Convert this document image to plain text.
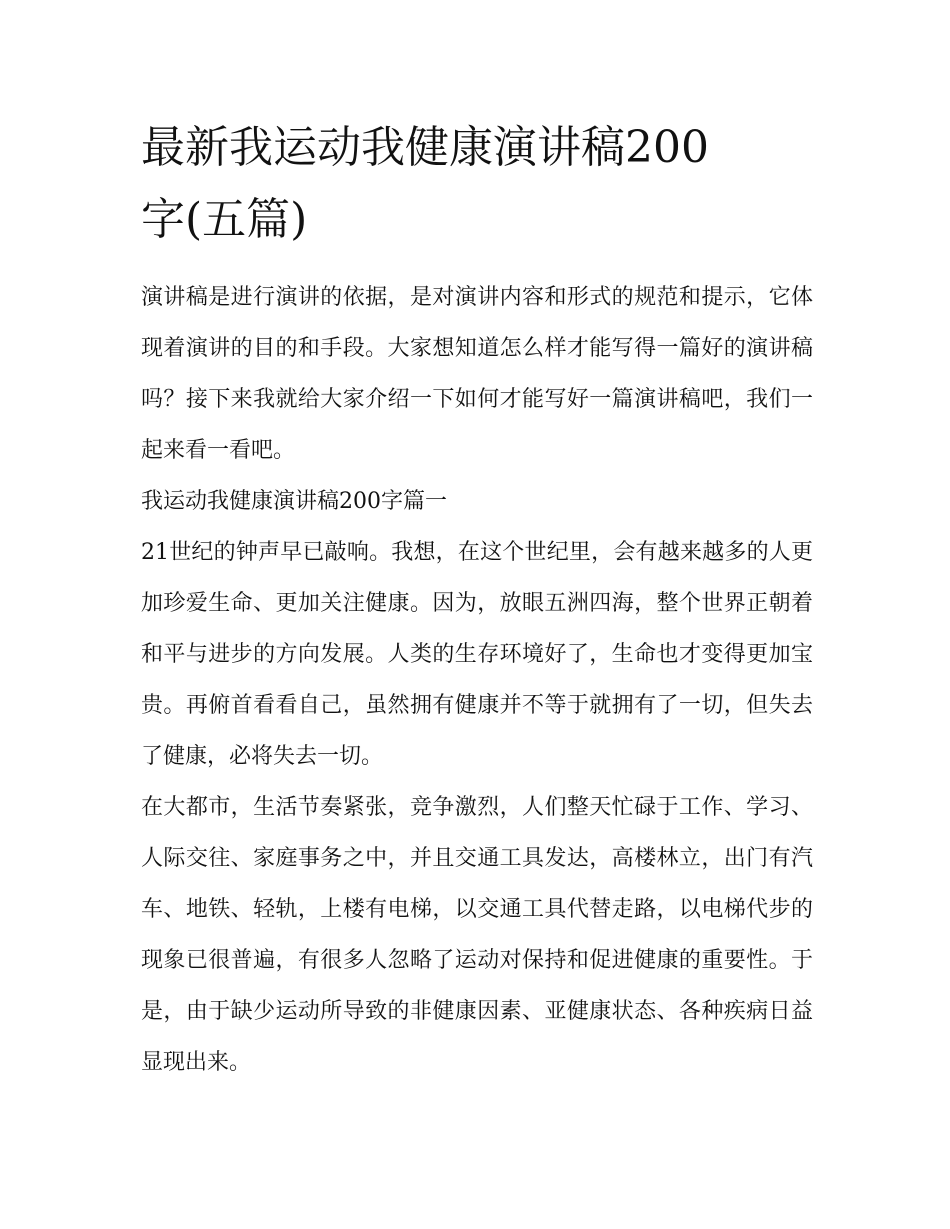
最新我运动我健康演讲稿200
字(五篇)

演讲稿是进行演讲的依据，是对演讲内容和形式的规范和提示，它体现着演讲的目的和手段。大家想知道怎么样才能写得一篇好的演讲稿吗？接下来我就给大家介绍一下如何才能写好一篇演讲稿吧，我们一起来看一看吧。

我运动我健康演讲稿200字篇一

21世纪的钟声早已敲响。我想，在这个世纪里，会有越来越多的人更加珍爱生命、更加关注健康。因为，放眼五洲四海，整个世界正朝着和平与进步的方向发展。人类的生存环境好了，生命也才变得更加宝贵。再俯首看看自己，虽然拥有健康并不等于就拥有了一切，但失去了健康，必将失去一切。

在大都市，生活节奏紧张，竞争激烈，人们整天忙碌于工作、学习、人际交往、家庭事务之中，并且交通工具发达，高楼林立，出门有汽车、地铁、轻轨，上楼有电梯，以交通工具代替走路，以电梯代步的现象已很普遍，有很多人忽略了运动对保持和促进健康的重要性。于是，由于缺少运动所导致的非健康因素、亚健康状态、各种疾病日益显现出来。
